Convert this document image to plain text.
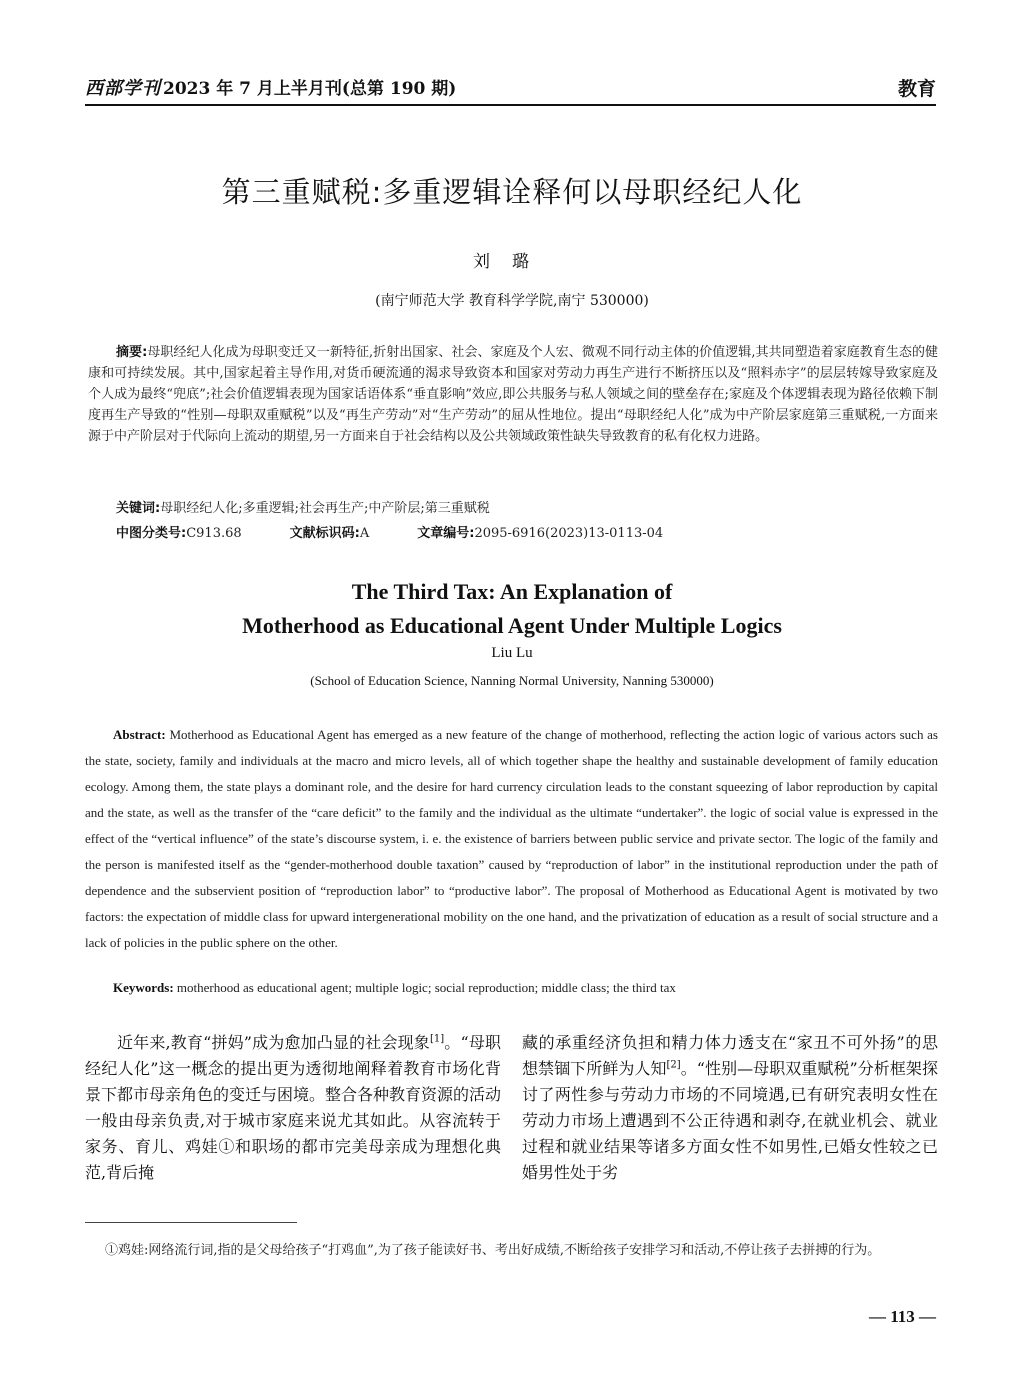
西部学刊 2023 年 7 月上半月刊(总第 190 期)	教育
第三重赋税:多重逻辑诠释何以母职经纪人化
刘璐
(南宁师范大学 教育科学学院,南宁 530000)
摘要:母职经纪人化成为母职变迁又一新特征,折射出国家、社会、家庭及个人宏、微观不同行动主体的价值逻辑,其共同塑造着家庭教育生态的健康和可持续发展。其中,国家起着主导作用,对货币硬流通的渴求导致资本和国家对劳动力再生产进行不断挤压以及“照料赤字”的层层转嫁导致家庭及个人成为最终“兜底”;社会价值逻辑表现为国家话语体系“垂直影响”效应,即公共服务与私人领域之间的壁垒存在;家庭及个体逻辑表现为路径依赖下制度再生产导致的“性别—母职双重赋税”以及“再生产劳动”对“生产劳动”的屈从性地位。提出“母职经纪人化”成为中产阶层家庭第三重赋税,一方面来源于中产阶层对于代际向上流动的期望,另一方面来自于社会结构以及公共领域政策性缺失导致教育的私有化权力进路。
关键词:母职经纪人化;多重逻辑;社会再生产;中产阶层;第三重赋税
中图分类号:C913.68	文献标识码:A	文章编号:2095-6916(2023)13-0113-04
The Third Tax: An Explanation of
Motherhood as Educational Agent Under Multiple Logics
Liu Lu
(School of Education Science, Nanning Normal University, Nanning 530000)
Abstract: Motherhood as Educational Agent has emerged as a new feature of the change of motherhood, reflecting the action logic of various actors such as the state, society, family and individuals at the macro and micro levels, all of which together shape the healthy and sustainable development of family education ecology. Among them, the state plays a dominant role, and the desire for hard currency circulation leads to the constant squeezing of labor reproduction by capital and the state, as well as the transfer of the “care deficit” to the family and the individual as the ultimate “undertaker”. the logic of social value is expressed in the effect of the “vertical influence” of the state’s discourse system, i. e. the existence of barriers between public service and private sector. The logic of the family and the person is manifested itself as the “gender-motherhood double taxation” caused by “reproduction of labor” in the institutional reproduction under the path of dependence and the subservient position of “reproduction labor” to “productive labor”. The proposal of Motherhood as Educational Agent is motivated by two factors: the expectation of middle class for upward intergenerational mobility on the one hand, and the privatization of education as a result of social structure and a lack of policies in the public sphere on the other.
Keywords: motherhood as educational agent; multiple logic; social reproduction; middle class; the third tax
近年来,教育“拼妈”成为愈加凸显的社会现象[1]。“母职经纪人化”这一概念的提出更为透彻地阐释着教育市场化背景下都市母亲角色的变迁与困境。整合各种教育资源的活动一般由母亲负责,对于城市家庭来说尤其如此。从容流转于家务、育儿、鸡娃①和职场的都市完美母亲成为理想化典范,背后掩
藏的承重经济负担和精力体力透支在“家丑不可外扬”的思想禁锢下所鲜为人知[2]。“性别—母职双重赋税”分析框架探讨了两性参与劳动力市场的不同境遇,已有研究表明女性在劳动力市场上遭遇到不公正待遇和剥夺,在就业机会、就业过程和就业结果等诸多方面女性不如男性,已婚女性较之已婚男性处于劣
①鸡娃:网络流行词,指的是父母给孩子“打鸡血”,为了孩子能读好书、考出好成绩,不断给孩子安排学习和活动,不停让孩子去拼搏的行为。
— 113 —
